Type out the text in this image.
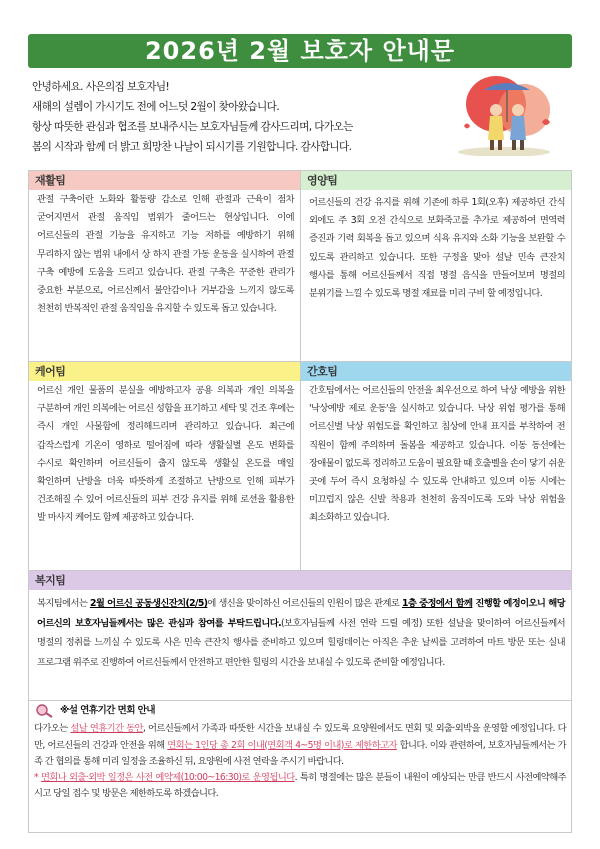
2026년 2월 보호자 안내문

안녕하세요. 사은의집 보호자님!

새해의 설렘이 가시기도 전에 어느덧 2월이 찾아왔습니다.

항상 따뜻한 관심과 협조를 보내주시는 보호자님들께 감사드리며, 다가오는

봄의 시작과 함께 더 밝고 희망찬 나날이 되시기를 기원합니다. 감사합니다.

재활팀
관절 구축이란 노화와 활동량 감소로 인해 관절과 근육이 점차 굳어지면서 관절 움직임 범위가 줄어드는 현상입니다. 이에 어르신들의 관절 기능을 유지하고 기능 저하를 예방하기 위해 무리하지 않는 범위 내에서 상 하지 관절 가동 운동을 실시하여 관절 구축 예방에 도움을 드리고 있습니다. 관절 구축은 꾸준한 관리가 중요한 부분으로, 어르신께서 불안감이나 거부감을 느끼지 않도록 천천히 반복적인 관절 움직임을 유지할 수 있도록 돕고 있습니다.
영양팀
어르신들의 건강 유지를 위해 기존에 하루 1회(오후) 제공하던 간식 외에도 주 3회 오전 간식으로 보화죽고를 추가로 제공하여 면역력 증진과 기력 회복을 돕고 있으며 식욕 유지와 소화 기능을 보완할 수 있도록 관리하고 있습니다. 또한 구정을 맞아 설날 민속 큰잔치 행사를 통해 어르신들께서 직접 명절 음식을 만들어보며 명절의 분위기를 느낄 수 있도록 명절 재료를 미리 구비 할 예정입니다.
케어팀
어르신 개인 물품의 분실을 예방하고자 공용 의복과 개인 의복을 구분하여 개인 의복에는 어르신 성함을 표기하고 세탁 및 건조 후에는 즉시 개인 사물함에 정리해드리며 관리하고 있습니다. 최근에 갑작스럽게 기온이 영하로 떨어짐에 따라 생활실별 온도 변화를 수시로 확인하며 어르신들이 춥지 않도록 생활실 온도를 매일 확인하며 난방을 더욱 따뜻하게 조절하고 난방으로 인해 피부가 건조해질 수 있어 어르신들의 피부 건강 유지를 위해 로션을 활용한 발 마사지 케어도 함께 제공하고 있습니다.
간호팀
간호팀에서는 어르신들의 안전을 최우선으로 하여 낙상 예방을 위한 '낙상예방 제로 운동'을 실시하고 있습니다. 낙상 위험 평가를 통해 어르신별 낙상 위험도를 확인하고 침상에 안내 표지를 부착하여 전 직원이 함께 주의하며 돌봄을 제공하고 있습니다. 이동 동선에는 장애물이 없도록 정리하고 도움이 필요할 때 호출벨을 손이 닿기 쉬운 곳에 두어 즉시 요청하실 수 있도록 안내하고 있으며 이동 시에는 미끄럽지 않은 신발 착용과 천천히 움직이도록 도와 낙상 위험을 최소화하고 있습니다.
복지팀
복지팀에서는 2월 어르신 공동생신잔치(2/5)에 생신을 맞이하신 어르신들의 인원이 많은 관계로 1층 중정에서 함께 진행할 예정이오니 해당 어르신의 보호자님들께서는 많은 관심과 참여를 부탁드립니다.(보호자님들께 사전 연락 드릴 예정) 또한 설날을 맞이하여 어르신들께서 명절의 정취를 느끼실 수 있도록 사은 민속 큰잔치 행사를 준비하고 있으며 힐링데이는 아직은 추운 날씨를 고려하여 마트 방문 또는 실내 프로그램 위주로 진행하여 어르신들께서 안전하고 편안한 힐링의 시간을 보내실 수 있도록 준비할 예정입니다.
※설 연휴기간 면회 안내
다가오는 설날 연휴기간 동안, 어르신들께서 가족과 따뜻한 시간을 보내실 수 있도록 요양원에서도 면회 및 외출·외박을 운영할 예정입니다. 다만, 어르신들의 건강과 안전을 위해 면회는 1인당 총 2회 이내(면회객 4~5명 이내)로 제한하고자 합니다. 이와 관련하여, 보호자님들께서는 가족 간 협의를 통해 미리 일정을 조율하신 뒤, 요양원에 사전 연락을 주시기 바랍니다.
* 면회나 외출·외박 일정은 사전 예약제(10:00~16:30)로 운영됩니다. 특히 명절에는 많은 분들이 내원이 예상되는 만큼 반드시 사전예약해주시고 당일 접수 및 방문은 제한하도록 하겠습니다.
